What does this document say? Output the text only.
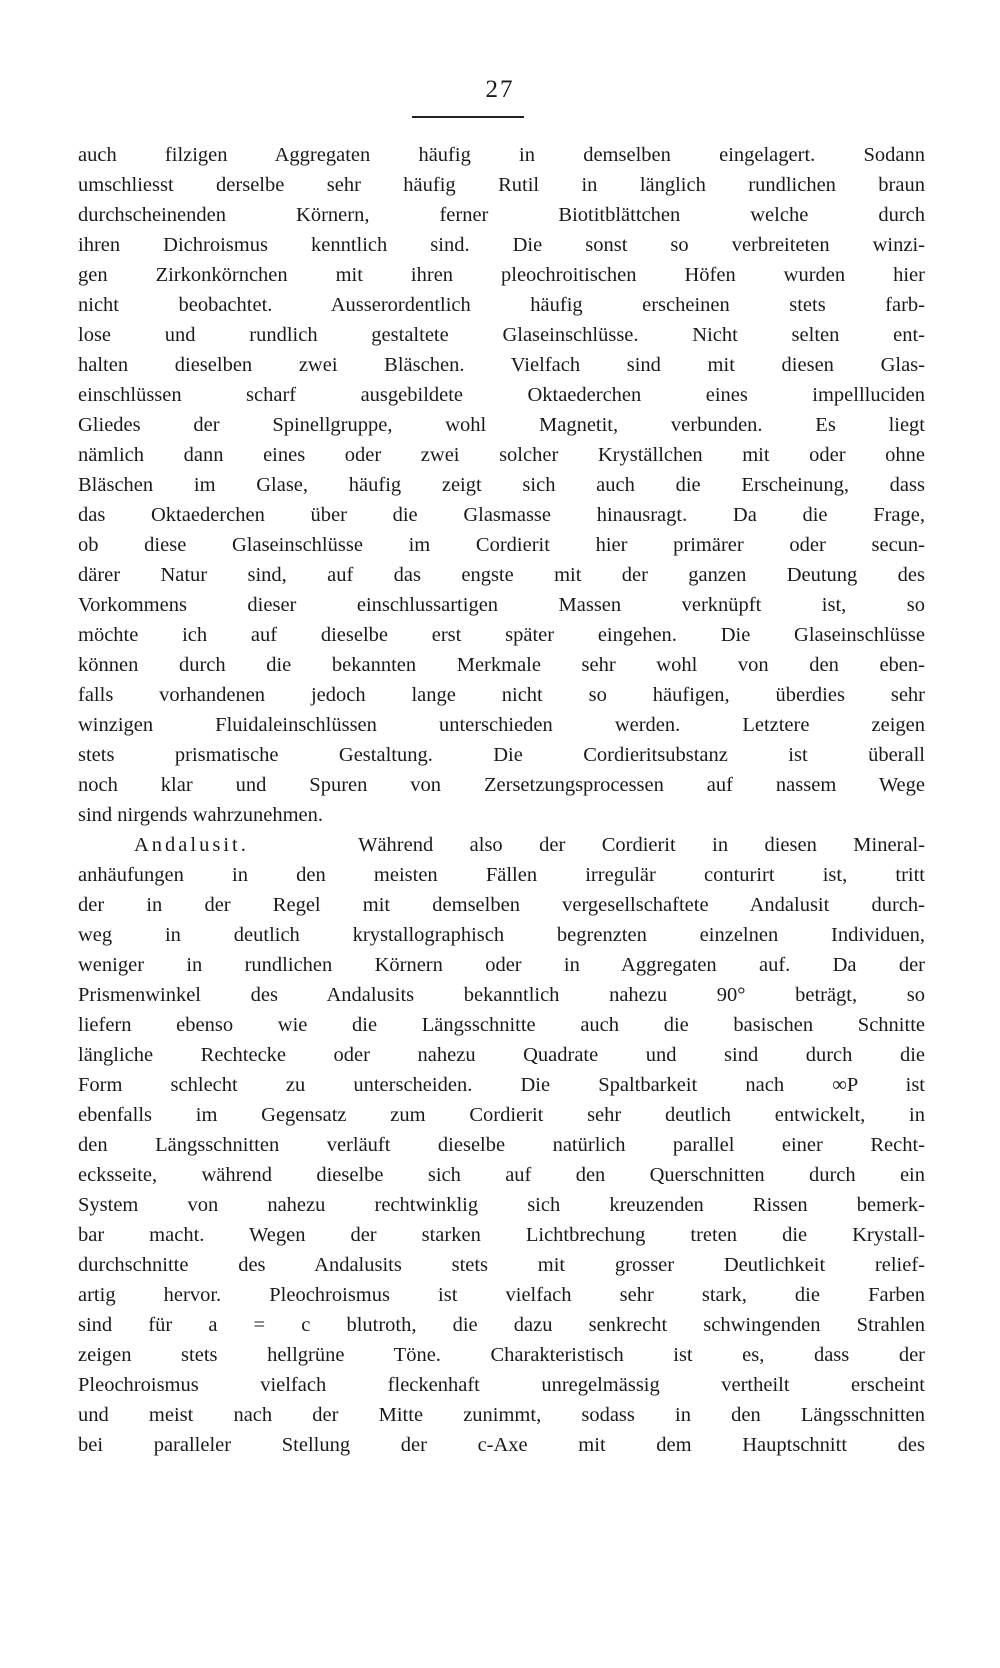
27
auch filzigen Aggregaten häufig in demselben eingelagert. Sodann
umschliesst derselbe sehr häufig Rutil in länglich rundlichen braun
durchscheinenden Körnern, ferner Biotitblättchen welche durch
ihren Dichroismus kenntlich sind. Die sonst so verbreiteten winzi-
gen Zirkonkörnchen mit ihren pleochroitischen Höfen wurden hier
nicht beobachtet. Ausserordentlich häufig erscheinen stets farb-
lose und rundlich gestaltete Glaseinschlüsse. Nicht selten ent-
halten dieselben zwei Bläschen. Vielfach sind mit diesen Glas-
einschlüssen scharf ausgebildete Oktaederchen eines impellluciden
Gliedes der Spinellgruppe, wohl Magnetit, verbunden. Es liegt
nämlich dann eines oder zwei solcher Kryställchen mit oder ohne
Bläschen im Glase, häufig zeigt sich auch die Erscheinung, dass
das Oktaederchen über die Glasmasse hinausragt. Da die Frage,
ob diese Glaseinschlüsse im Cordierit hier primärer oder secun-
därer Natur sind, auf das engste mit der ganzen Deutung des
Vorkommens dieser einschlussartigen Massen verknüpft ist, so
möchte ich auf dieselbe erst später eingehen. Die Glaseinschlüsse
können durch die bekannten Merkmale sehr wohl von den eben-
falls vorhandenen jedoch lange nicht so häufigen, überdies sehr
winzigen Fluidaleinschlüssen unterschieden werden. Letztere zeigen
stets prismatische Gestaltung. Die Cordieritsubstanz ist überall
noch klar und Spuren von Zersetzungsprocessen auf nassem Wege
sind nirgends wahrzunehmen.
Andalusit.	Während also der Cordierit in diesen Mineral-
anhäufungen in den meisten Fällen irregulär conturirt ist, tritt
der in der Regel mit demselben vergesellschaftete Andalusit durch-
weg in deutlich krystallographisch begrenzten einzelnen Individuen,
weniger in rundlichen Körnern oder in Aggregaten auf. Da der
Prismenwinkel des Andalusits bekanntlich nahezu 90° beträgt, so
liefern ebenso wie die Längsschnitte auch die basischen Schnitte
längliche Rechtecke oder nahezu Quadrate und sind durch die
Form schlecht zu unterscheiden. Die Spaltbarkeit nach ∞P ist
ebenfalls im Gegensatz zum Cordierit sehr deutlich entwickelt, in
den Längsschnitten verläuft dieselbe natürlich parallel einer Recht-
ecksseite, während dieselbe sich auf den Querschnitten durch ein
System von nahezu rechtwinklig sich kreuzenden Rissen bemerk-
bar macht. Wegen der starken Lichtbrechung treten die Krystall-
durchschnitte des Andalusits stets mit grosser Deutlichkeit relief-
artig hervor. Pleochroismus ist vielfach sehr stark, die Farben
sind für a = c blutroth, die dazu senkrecht schwingenden Strahlen
zeigen stets hellgrüne Töne. Charakteristisch ist es, dass der
Pleochroismus vielfach fleckenhaft unregelmässig vertheilt erscheint
und meist nach der Mitte zunimmt, sodass in den Längsschnitten
bei paralleler Stellung der c-Axe mit dem Hauptschnitt des
